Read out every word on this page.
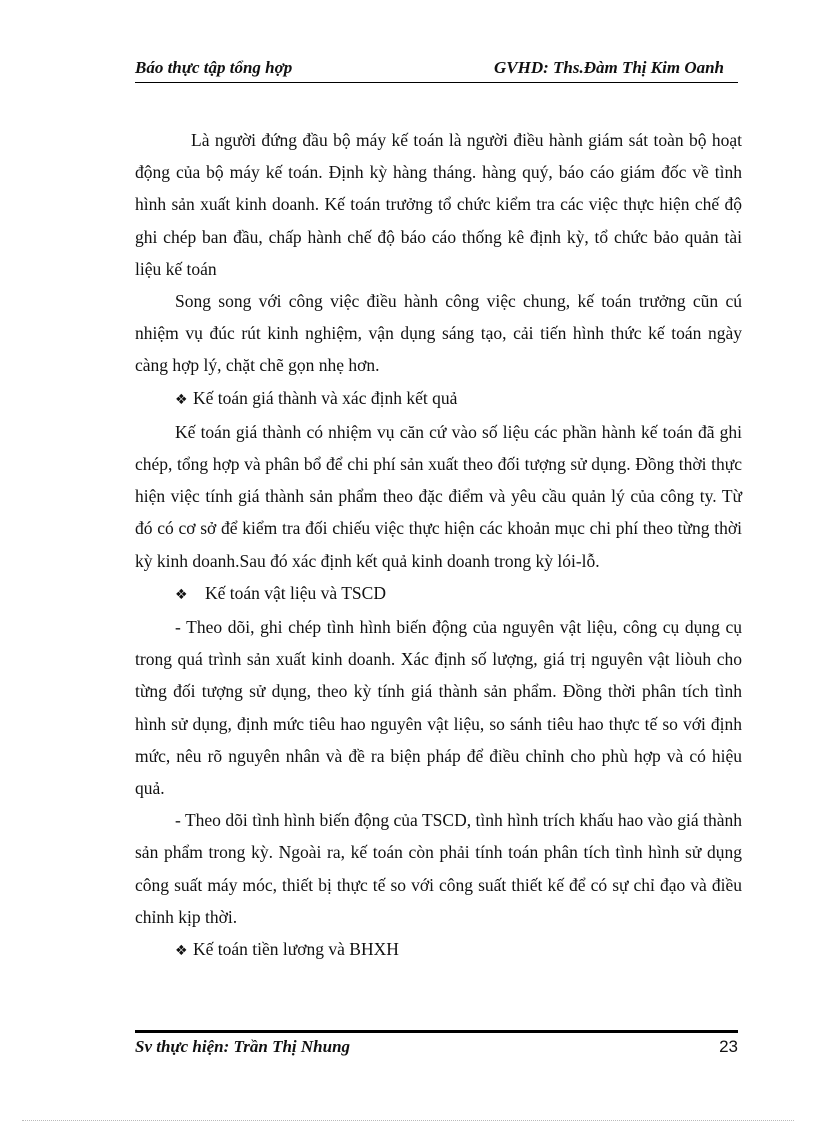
Báo thực tập tổng hợp	GVHD: Ths.Đàm Thị Kim Oanh

Là người đứng đầu bộ máy kế toán là người điều hành giám sát toàn bộ hoạt động của bộ máy kế toán. Định kỳ hàng tháng. hàng quý, báo cáo giám đốc về tình hình sản xuất kinh doanh. Kế toán trưởng tổ chức kiểm tra các việc thực hiện chế độ ghi chép ban đầu, chấp hành chế độ báo cáo thống kê định kỳ, tổ chức bảo quản tài liệu kế toán

Song song với công việc điều hành công việc chung, kế toán trưởng cũn cú nhiệm vụ đúc rút kinh nghiệm, vận dụng sáng tạo, cải tiến hình thức kế toán ngày càng hợp lý, chặt chẽ gọn nhẹ hơn.

❖ Kế toán giá thành và xác định kết quả

Kế toán giá thành có nhiệm vụ căn cứ vào số liệu các phần hành kế toán đã ghi chép, tổng hợp và phân bổ để chi phí sản xuất theo đối tượng sử dụng. Đồng thời thực hiện việc tính giá thành sản phẩm theo đặc điểm và yêu cầu quản lý của công ty. Từ đó có cơ sở để kiểm tra đối chiếu việc thực hiện các khoản mục chi phí theo từng thời kỳ kinh doanh.Sau đó xác định kết quả kinh doanh trong kỳ lói-lỗ.

❖ Kế toán vật liệu và TSCD

- Theo dõi, ghi chép tình hình biến động của nguyên vật liệu, công cụ dụng cụ trong quá trình sản xuất kinh doanh. Xác định số lượng, giá trị nguyên vật liòuh cho từng đối tượng sử dụng, theo kỳ tính giá thành sản phẩm. Đồng thời phân tích tình hình sử dụng, định mức tiêu hao nguyên vật liệu, so sánh tiêu hao thực tế so với định mức, nêu rõ nguyên nhân và đề ra biện pháp để điều chỉnh cho phù hợp và có hiệu quả.

- Theo dõi tình hình biến động của TSCD, tình hình trích khấu hao vào giá thành sản phẩm trong kỳ. Ngoài ra, kế toán còn phải tính toán phân tích tình hình sử dụng công suất máy móc, thiết bị thực tế so với công suất thiết kế để có sự chỉ đạo và điều chỉnh kịp thời.

❖ Kế toán tiền lương và BHXH

Sv thực hiện: Trần Thị Nhung	23
